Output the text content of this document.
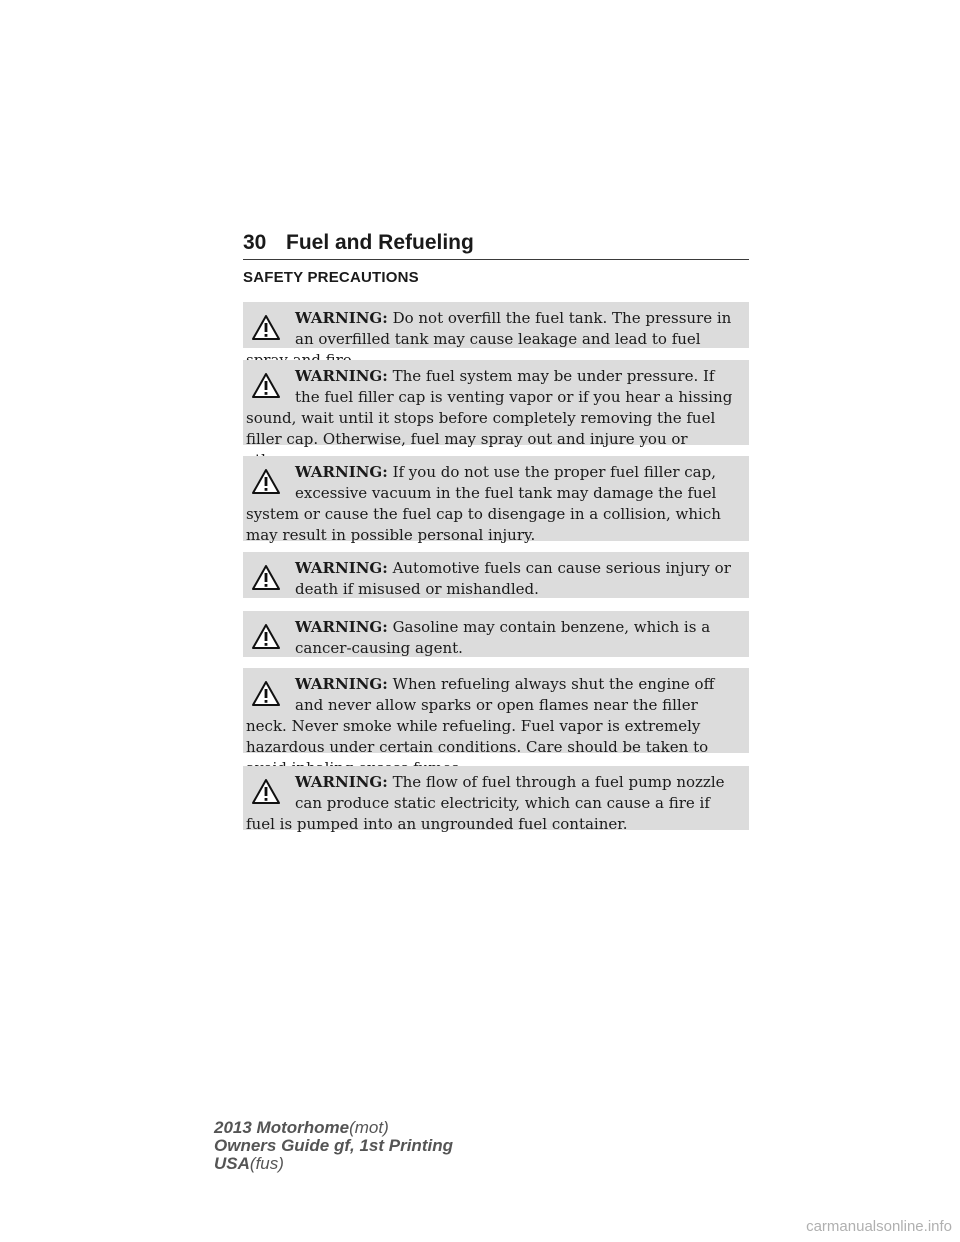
30 Fuel and Refueling
SAFETY PRECAUTIONS
WARNING: Do not overfill the fuel tank. The pressure in an overfilled tank may cause leakage and lead to fuel
WARNING: The fuel system may be under pressure. If the fuel filler cap is venting vapor or if you hear a hissing sound, wait until it stops before completely removing the fuel filler cap. Otherwise, fuel may spray out and injure you or
WARNING: If you do not use the proper fuel filler cap, excessive vacuum in the fuel tank may damage the fuel system or cause the fuel cap to disengage in a collision, which may result in possible personal injury.
WARNING: Automotive fuels can cause serious injury or death if misused or mishandled.
WARNING: Gasoline may contain benzene, which is a cancer-causing agent.
WARNING: When refueling always shut the engine off and never allow sparks or open flames near the filler neck. Never smoke while refueling. Fuel vapor is extremely hazardous under certain conditions. Care should be taken to
WARNING: The flow of fuel through a fuel pump nozzle can produce static electricity, which can cause a fire if fuel is pumped into an ungrounded fuel container.
2013 Motorhome(mot)
Owners Guide gf, 1st Printing
USA(fus)
carmanualsonline.info
